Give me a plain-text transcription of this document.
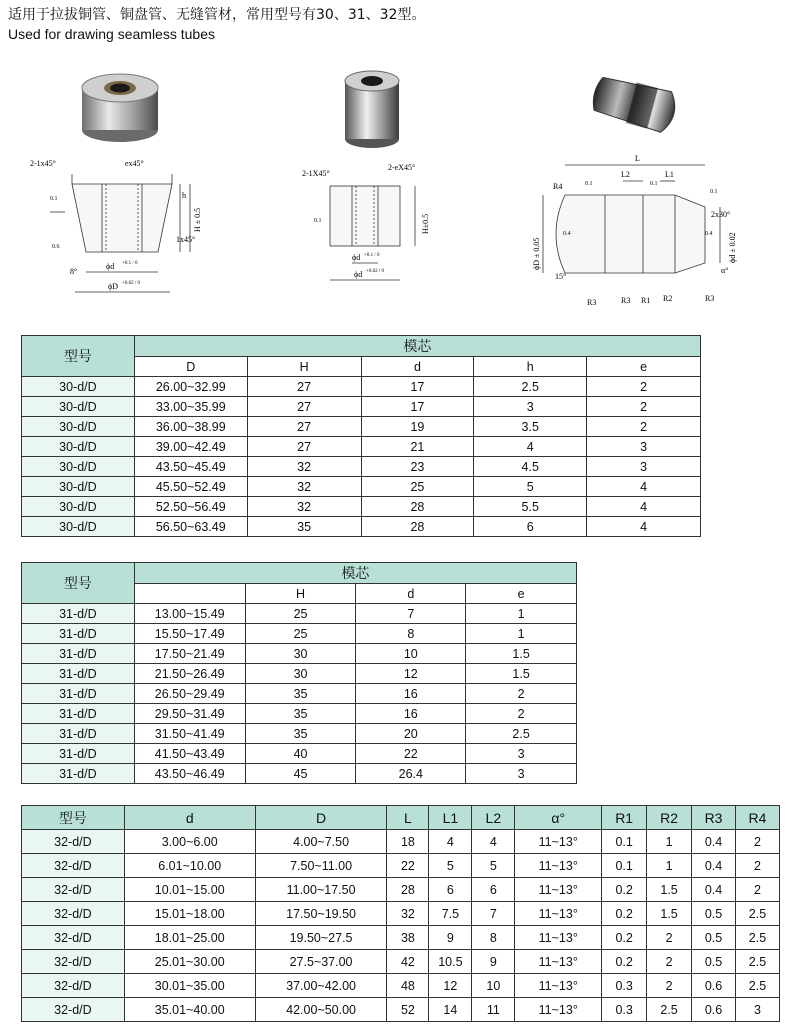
适用于拉拔铜管、铜盘管、无缝管材，常用型号有30、31、32型。
Used for drawing seamless tubes
2-1x45°	ex45°
h
H ± 0.5
1x45°
ϕd +0.1 / 0
ϕD +0.02 / 0
0.1
0.6
8°
2-1X45°
2-eX45°
H±0.5
ϕd +0.1 / 0
ϕd +0.02 / 0
0.1
L
L2	L1
R4	0.1	0.1
0.1
0.4	0.4
2x30°
ϕD ± 0.05	ϕd ± 0.02
15°
α°
R3	R3 R1 R2	R3
型号	模芯				
	D	H	d	h	e
30-d/D	26.00~32.99	27	17	2.5	2
30-d/D	33.00~35.99	27	17	3	2
30-d/D	36.00~38.99	27	19	3.5	2
30-d/D	39.00~42.49	27	21	4	3
30-d/D	43.50~45.49	32	23	4.5	3
30-d/D	45.50~52.49	32	25	5	4
30-d/D	52.50~56.49	32	28	5.5	4
30-d/D	56.50~63.49	35	28	6	4
型号	模芯			
		H	d	e
31-d/D	13.00~15.49	25	7	1
31-d/D	15.50~17.49	25	8	1
31-d/D	17.50~21.49	30	10	1.5
31-d/D	21.50~26.49	30	12	1.5
31-d/D	26.50~29.49	35	16	2
31-d/D	29.50~31.49	35	16	2
31-d/D	31.50~41.49	35	20	2.5
31-d/D	41.50~43.49	40	22	3
31-d/D	43.50~46.49	45	26.4	3
型号	d	D	L	L1	L2	α°	R1	R2	R3	R4
32-d/D	3.00~6.00	4.00~7.50	18	4	4	11~13°	0.1	1	0.4	2
32-d/D	6.01~10.00	7.50~11.00	22	5	5	11~13°	0.1	1	0.4	2
32-d/D	10.01~15.00	11.00~17.50	28	6	6	11~13°	0.2	1.5	0.4	2
32-d/D	15.01~18.00	17.50~19.50	32	7.5	7	11~13°	0.2	1.5	0.5	2.5
32-d/D	18.01~25.00	19.50~27.5	38	9	8	11~13°	0.2	2	0.5	2.5
32-d/D	25.01~30.00	27.5~37.00	42	10.5	9	11~13°	0.2	2	0.5	2.5
32-d/D	30.01~35.00	37.00~42.00	48	12	10	11~13°	0.3	2	0.6	2.5
32-d/D	35.01~40.00	42.00~50.00	52	14	11	11~13°	0.3	2.5	0.6	3
